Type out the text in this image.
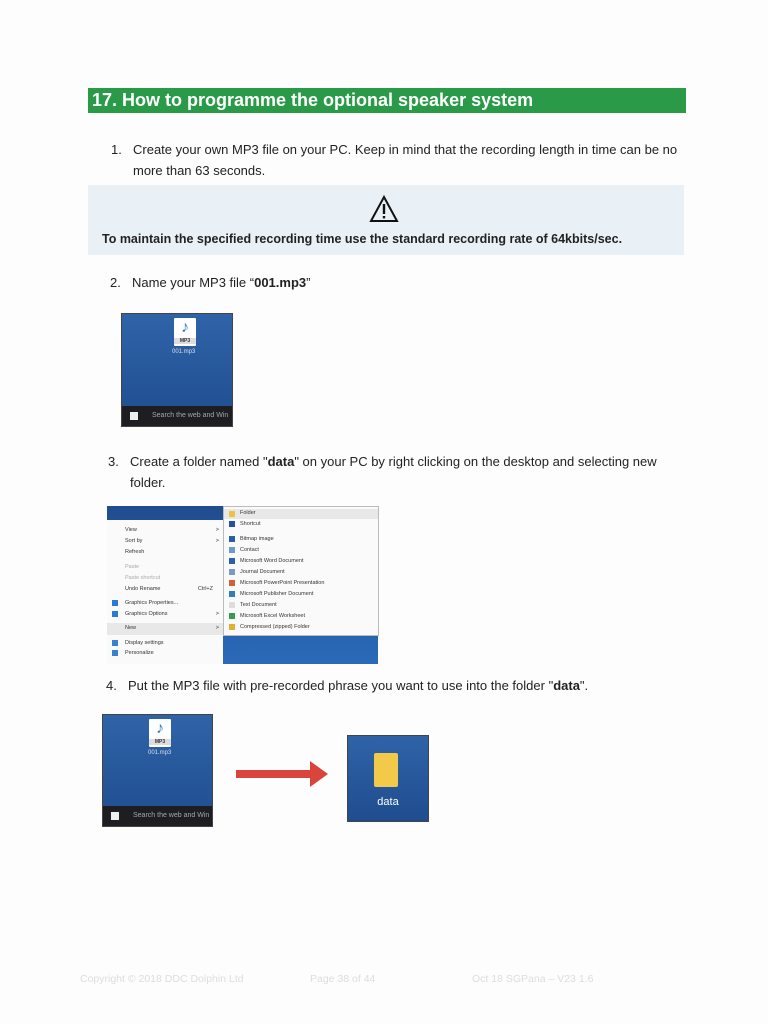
17. How to programme the optional speaker system
1. Create your own MP3 file on your PC. Keep in mind that the recording length in time can be no more than 63 seconds.
To maintain the specified recording time use the standard recording rate of 64kbits/sec.
2. Name your MP3 file “001.mp3”
♪
MP3
001.mp3
Search the web and Win
3. Create a folder named "data" on your PC by right clicking on the desktop and selecting new folder.
View	>
Sort by	>
Refresh
Paste
Paste shortcut
Undo Rename	Ctrl+Z
Graphics Properties...
Graphics Options	>
New	>
Display settings
Personalize
Folder
Shortcut
Bitmap image
Contact
Microsoft Word Document
Journal Document
Microsoft PowerPoint Presentation
Microsoft Publisher Document
Text Document
Microsoft Excel Worksheet
Compressed (zipped) Folder
4. Put the MP3 file with pre-recorded phrase you want to use into the folder "data".
♪
MP3
001.mp3
Search the web and Win
data
Copyright © 2018 DDC Dolphin Ltd	Page 38 of 44	Oct 18 SGPana – V23 1.6
